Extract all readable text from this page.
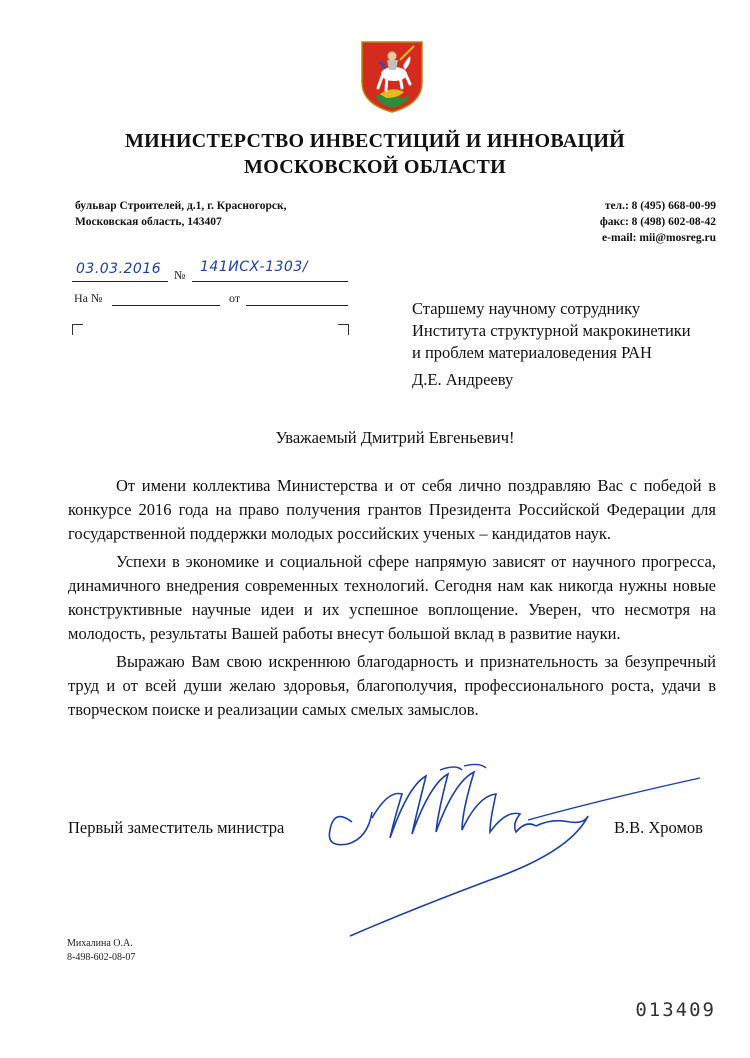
МИНИСТЕРСТВО ИНВЕСТИЦИЙ И ИННОВАЦИЙ
МОСКОВСКОЙ ОБЛАСТИ
бульвар Строителей, д.1, г. Красногорск,
Московская область, 143407
тел.: 8 (495) 668-00-99
факс: 8 (498) 602-08-42
e-mail: mii@mosreg.ru
03.03.2016 № 141ИСХ-1303/
На №	от
Старшему научному сотруднику
Института структурной макрокинетики
и проблем материаловедения РАН
Д.Е. Андрееву
Уважаемый Дмитрий Евгеньевич!

От имени коллектива Министерства и от себя лично поздравляю Вас с победой в конкурсе 2016 года на право получения грантов Президента Российской Федерации для государственной поддержки молодых российских ученых – кандидатов наук.

Успехи в экономике и социальной сфере напрямую зависят от научного прогресса, динамичного внедрения современных технологий. Сегодня нам как никогда нужны новые конструктивные научные идеи и их успешное воплощение. Уверен, что несмотря на молодость, результаты Вашей работы внесут большой вклад в развитие науки.

Выражаю Вам свою искреннюю благодарность и признательность за безупречный труд и от всей души желаю здоровья, благополучия, профессионального роста, удачи в творческом поиске и реализации самых смелых замыслов.

Первый заместитель министра	В.В. Хромов
Михалина О.А.
8-498-602-08-07
013409
